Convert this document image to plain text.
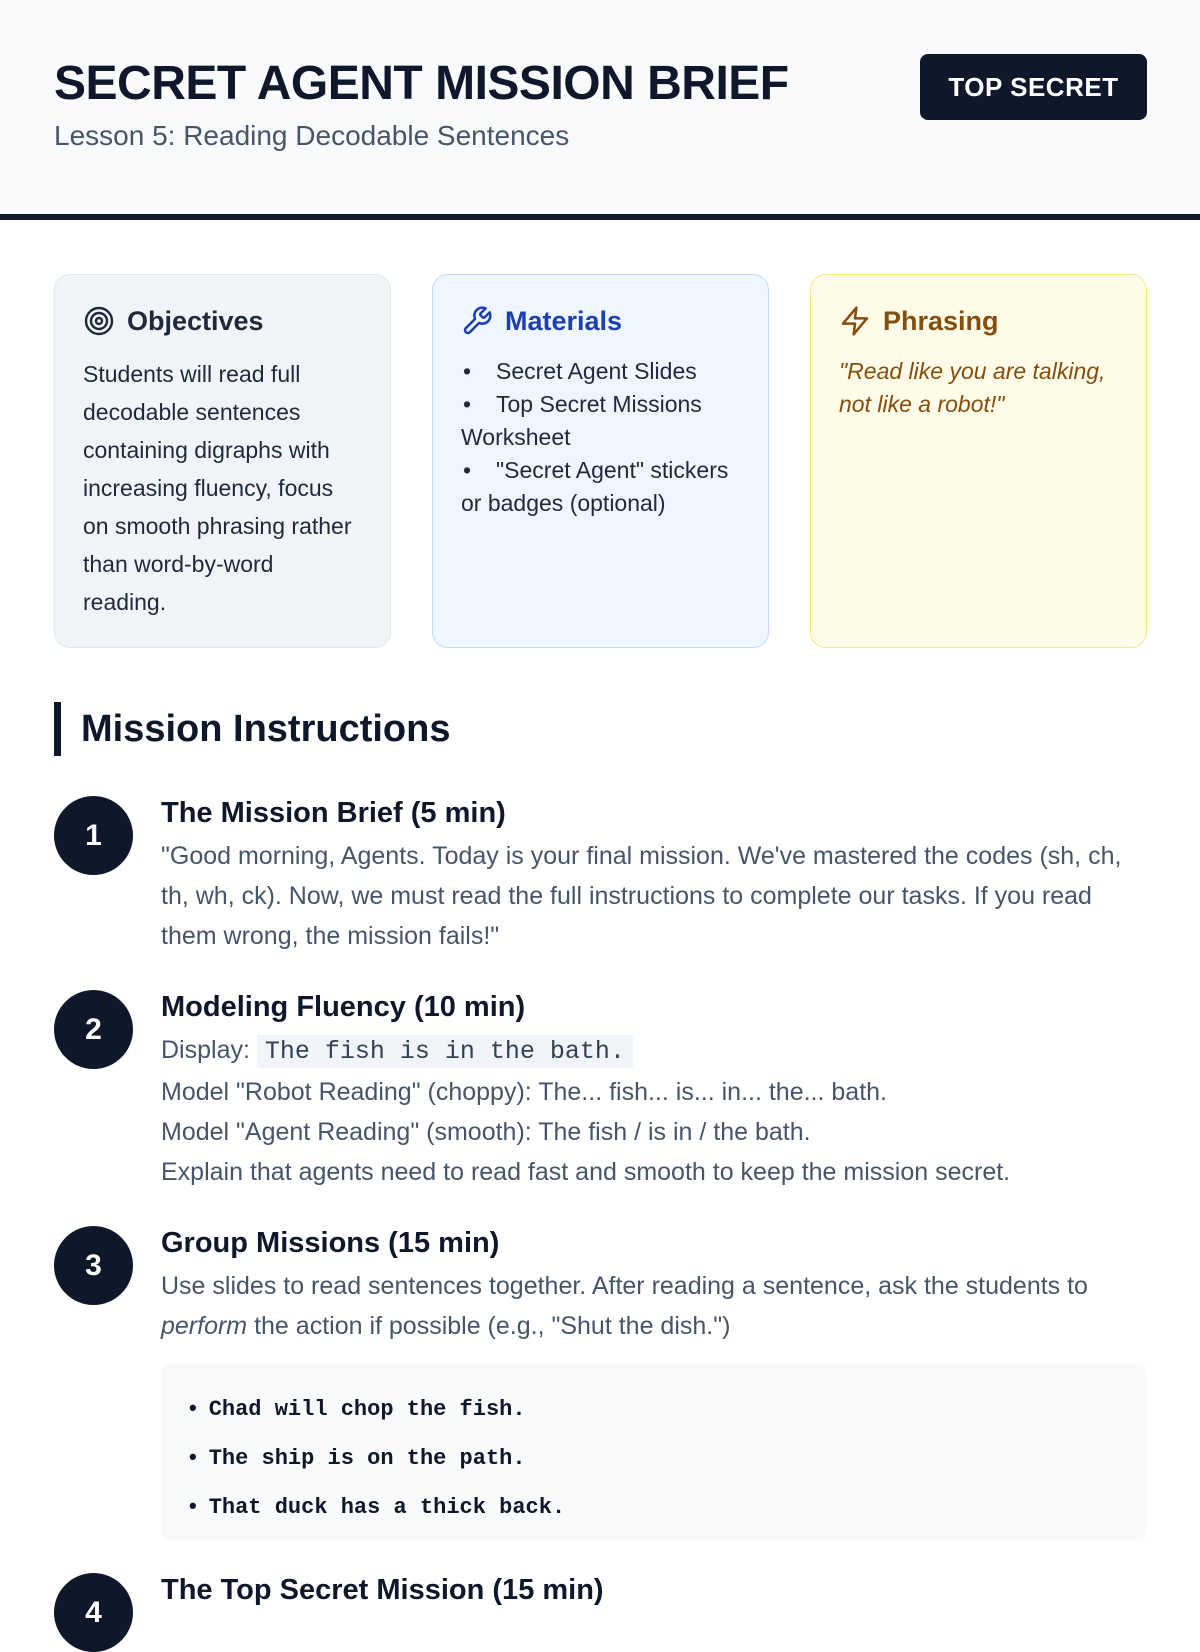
SECRET AGENT MISSION BRIEF
Lesson 5: Reading Decodable Sentences
TOP SECRET
Objectives

Students will read full decodable sentences containing digraphs with increasing fluency, focus on smooth phrasing rather than word-by-word reading.

Materials
• Secret Agent Slides
• Top Secret Missions Worksheet
• "Secret Agent" stickers or badges (optional)
Phrasing

"Read like you are talking, not like a robot!"

Mission Instructions
1
The Mission Brief (5 min)

"Good morning, Agents. Today is your final mission. We've mastered the codes (sh, ch, th, wh, ck). Now, we must read the full instructions to complete our tasks. If you read them wrong, the mission fails!"

2
Modeling Fluency (10 min)
Display: The fish is in the bath.
Model "Robot Reading" (choppy): The... fish... is... in... the... bath.
Model "Agent Reading" (smooth): The fish / is in / the bath.
Explain that agents need to read fast and smooth to keep the mission secret.
3
Group Missions (15 min)

Use slides to read sentences together. After reading a sentence, ask the students to perform the action if possible (e.g., "Shut the dish.")

• Chad will chop the fish.
• The ship is on the path.
• That duck has a thick back.
4
The Top Secret Mission (15 min)
